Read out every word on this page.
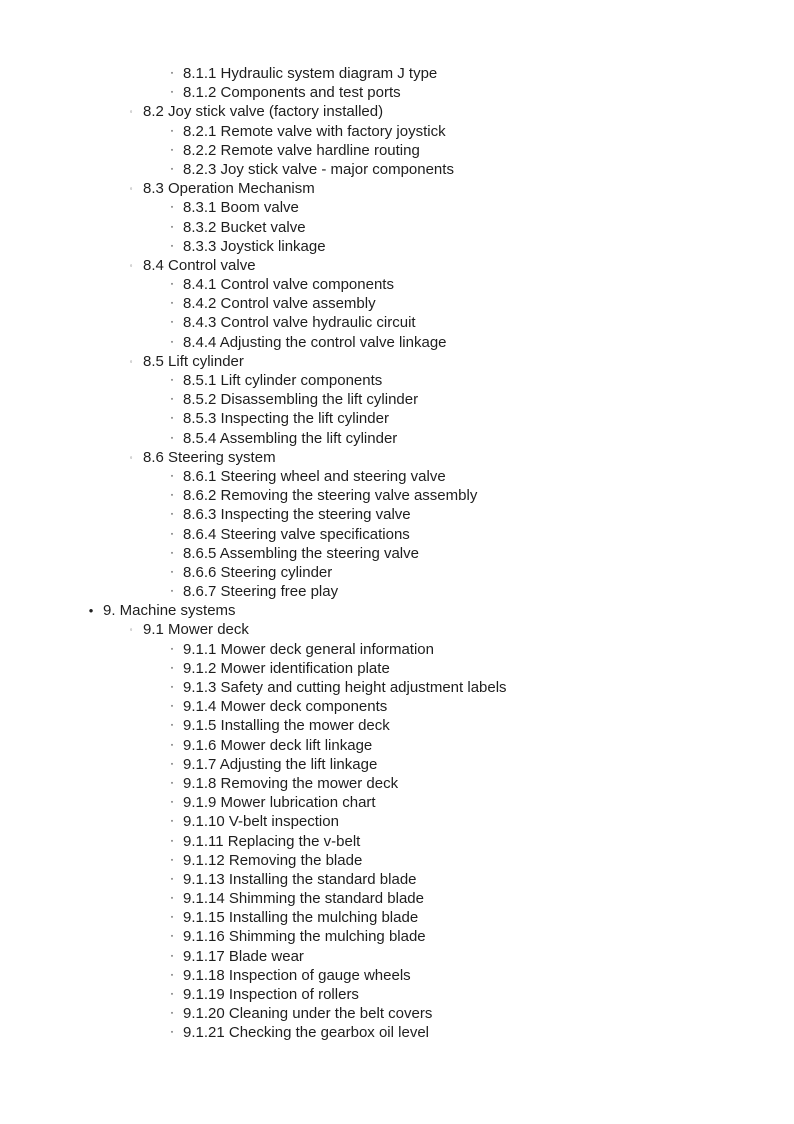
▪ 8.1.1 Hydraulic system diagram J type
▪ 8.1.2 Components and test ports
◦ 8.2 Joy stick valve (factory installed)
▪ 8.2.1 Remote valve with factory joystick
▪ 8.2.2 Remote valve hardline routing
▪ 8.2.3 Joy stick valve - major components
◦ 8.3 Operation Mechanism
▪ 8.3.1 Boom valve
▪ 8.3.2 Bucket valve
▪ 8.3.3 Joystick linkage
◦ 8.4 Control valve
▪ 8.4.1 Control valve components
▪ 8.4.2 Control valve assembly
▪ 8.4.3 Control valve hydraulic circuit
▪ 8.4.4 Adjusting the control valve linkage
◦ 8.5 Lift cylinder
▪ 8.5.1 Lift cylinder components
▪ 8.5.2 Disassembling the lift cylinder
▪ 8.5.3 Inspecting the lift cylinder
▪ 8.5.4 Assembling the lift cylinder
◦ 8.6 Steering system
▪ 8.6.1 Steering wheel and steering valve
▪ 8.6.2 Removing the steering valve assembly
▪ 8.6.3 Inspecting the steering valve
▪ 8.6.4 Steering valve specifications
▪ 8.6.5 Assembling the steering valve
▪ 8.6.6 Steering cylinder
▪ 8.6.7 Steering free play
• 9. Machine systems
◦ 9.1 Mower deck
▪ 9.1.1 Mower deck general information
▪ 9.1.2 Mower identification plate
▪ 9.1.3 Safety and cutting height adjustment labels
▪ 9.1.4 Mower deck components
▪ 9.1.5 Installing the mower deck
▪ 9.1.6 Mower deck lift linkage
▪ 9.1.7 Adjusting the lift linkage
▪ 9.1.8 Removing the mower deck
▪ 9.1.9 Mower lubrication chart
▪ 9.1.10 V-belt inspection
▪ 9.1.11 Replacing the v-belt
▪ 9.1.12 Removing the blade
▪ 9.1.13 Installing the standard blade
▪ 9.1.14 Shimming the standard blade
▪ 9.1.15 Installing the mulching blade
▪ 9.1.16 Shimming the mulching blade
▪ 9.1.17 Blade wear
▪ 9.1.18 Inspection of gauge wheels
▪ 9.1.19 Inspection of rollers
▪ 9.1.20 Cleaning under the belt covers
▪ 9.1.21 Checking the gearbox oil level
